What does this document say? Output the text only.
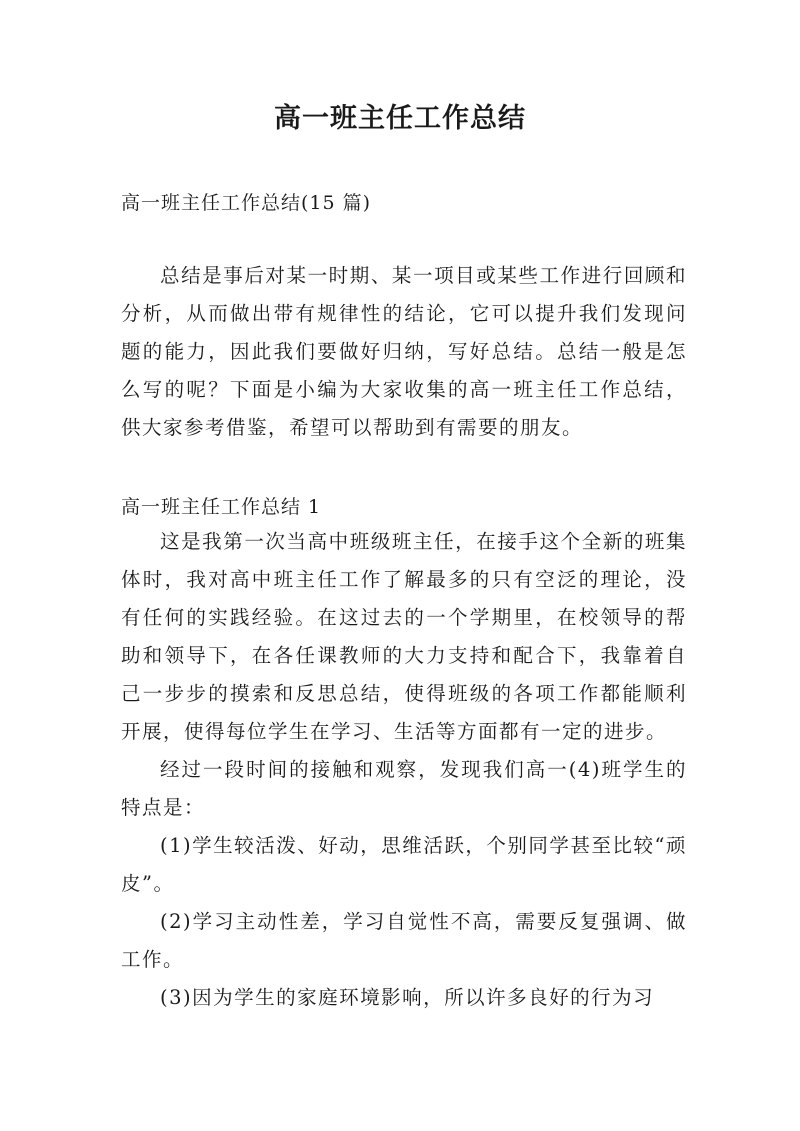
高一班主任工作总结

高一班主任工作总结(15 篇)

总结是事后对某一时期、某一项目或某些工作进行回顾和分析，从而做出带有规律性的结论，它可以提升我们发现问题的能力，因此我们要做好归纳，写好总结。总结一般是怎么写的呢？下面是小编为大家收集的高一班主任工作总结，供大家参考借鉴，希望可以帮助到有需要的朋友。

高一班主任工作总结 1

这是我第一次当高中班级班主任，在接手这个全新的班集体时，我对高中班主任工作了解最多的只有空泛的理论，没有任何的实践经验。在这过去的一个学期里，在校领导的帮助和领导下，在各任课教师的大力支持和配合下，我靠着自己一步步的摸索和反思总结，使得班级的各项工作都能顺利开展，使得每位学生在学习、生活等方面都有一定的进步。

经过一段时间的接触和观察，发现我们高一(4)班学生的特点是：

(1)学生较活泼、好动，思维活跃，个别同学甚至比较“顽皮”。

(2)学习主动性差，学习自觉性不高，需要反复强调、做工作。

(3)因为学生的家庭环境影响，所以许多良好的行为习
